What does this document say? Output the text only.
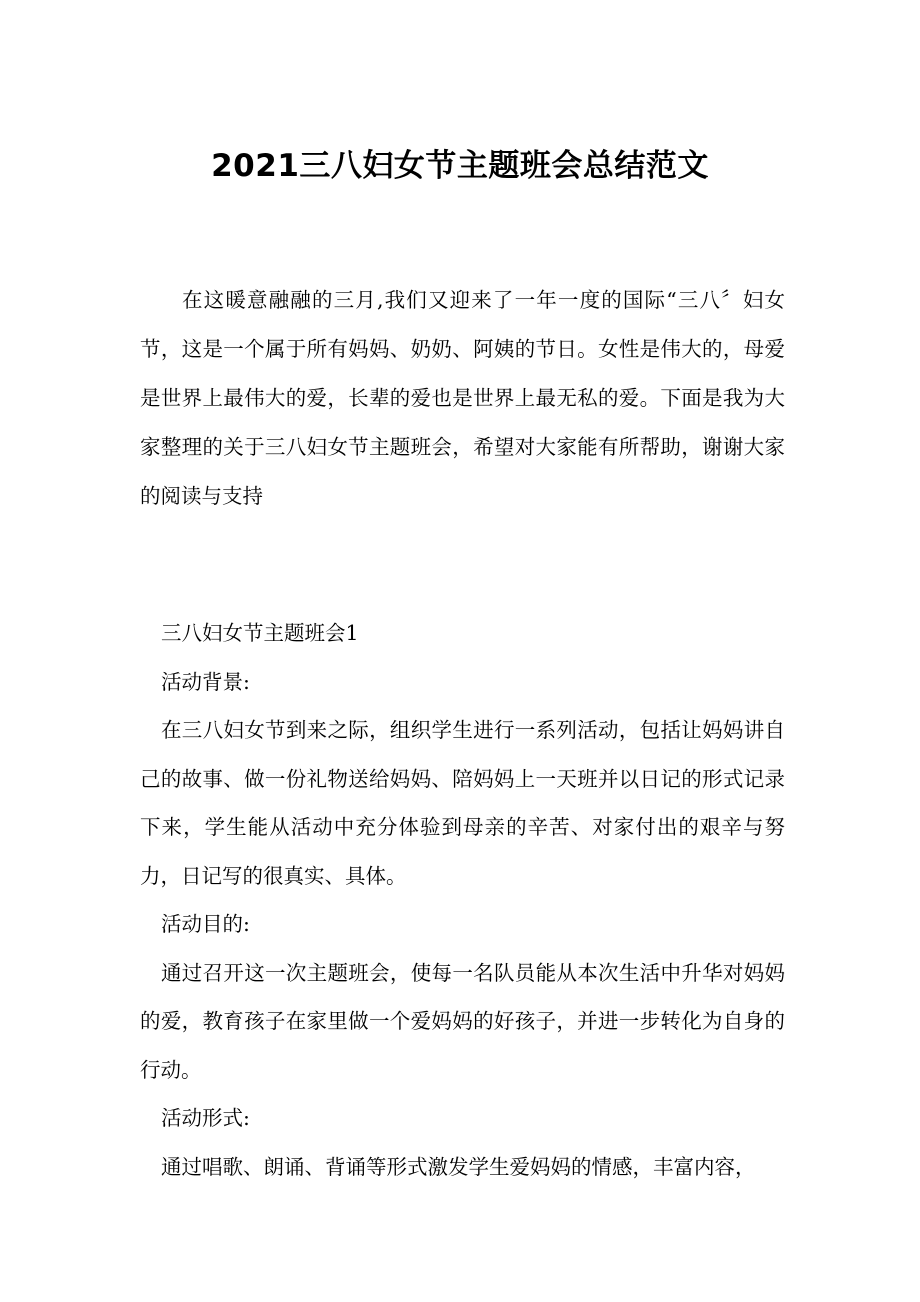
2021三八妇女节主题班会总结范文

在这暖意融融的三月,我们又迎来了一年一度的国际“三八〞妇女节，这是一个属于所有妈妈、奶奶、阿姨的节日。女性是伟大的，母爱是世界上最伟大的爱，长辈的爱也是世界上最无私的爱。下面是我为大家整理的关于三八妇女节主题班会，希望对大家能有所帮助，谢谢大家的阅读与支持

三八妇女节主题班会1

活动背景:

在三八妇女节到来之际，组织学生进行一系列活动，包括让妈妈讲自己的故事、做一份礼物送给妈妈、陪妈妈上一天班并以日记的形式记录下来，学生能从活动中充分体验到母亲的辛苦、对家付出的艰辛与努力，日记写的很真实、具体。

活动目的:

通过召开这一次主题班会，使每一名队员能从本次生活中升华对妈妈的爱，教育孩子在家里做一个爱妈妈的好孩子，并进一步转化为自身的行动。

活动形式:

通过唱歌、朗诵、背诵等形式激发学生爱妈妈的情感，丰富内容，
